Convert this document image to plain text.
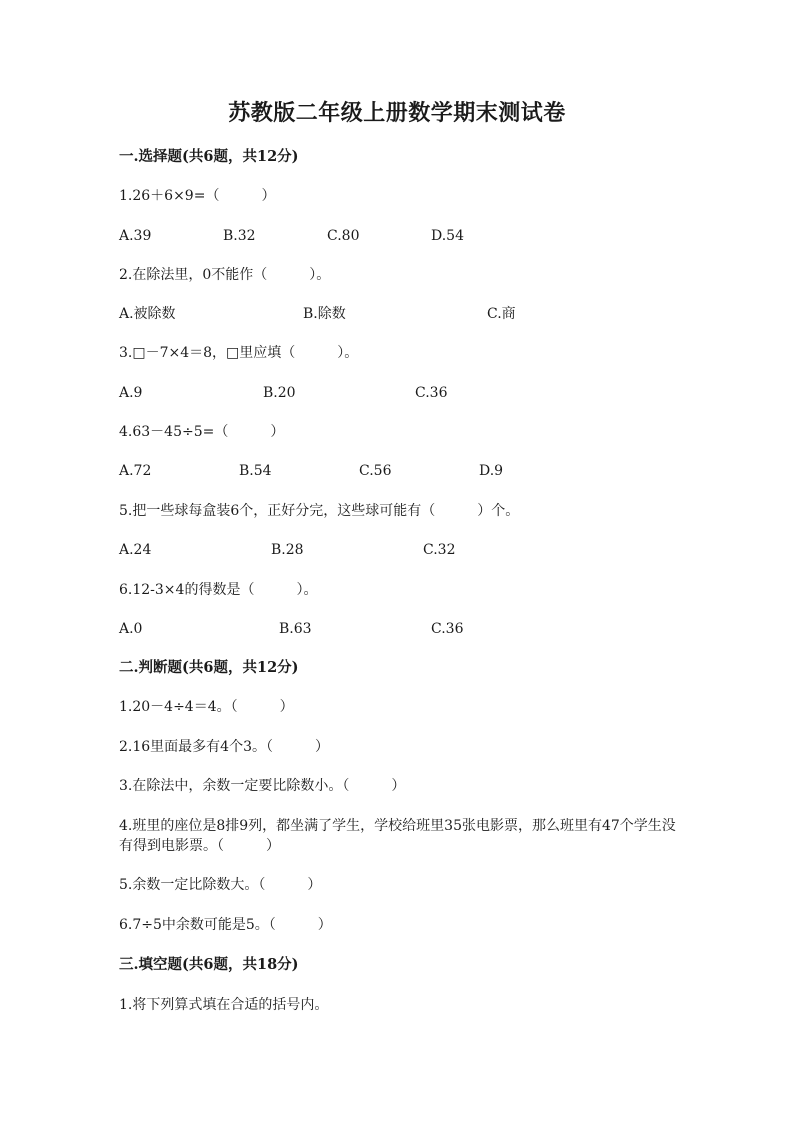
苏教版二年级上册数学期末测试卷
一.选择题(共6题，共12分)
1.26＋6×9=（　　　）
A.39	B.32	C.80	D.54
2.在除法里，0不能作（　　　）。
A.被除数	B.除数	C.商
3.□－7×4＝8，□里应填（　　　）。
A.9	B.20	C.36
4.63－45÷5=（　　　）
A.72	B.54	C.56	D.9
5.把一些球每盒装6个，正好分完，这些球可能有（　　　）个。
A.24	B.28	C.32
6.12-3×4的得数是（　　　）。
A.0	B.63	C.36
二.判断题(共6题，共12分)
1.20－4÷4＝4。（　　　）
2.16里面最多有4个3。（　　　）
3.在除法中，余数一定要比除数小。（　　　）
4.班里的座位是8排9列，都坐满了学生，学校给班里35张电影票，那么班里有47个学生没有得到电影票。（　　　）
5.余数一定比除数大。（　　　）
6.7÷5中余数可能是5。（　　　）
三.填空题(共6题，共18分)
1.将下列算式填在合适的括号内。
